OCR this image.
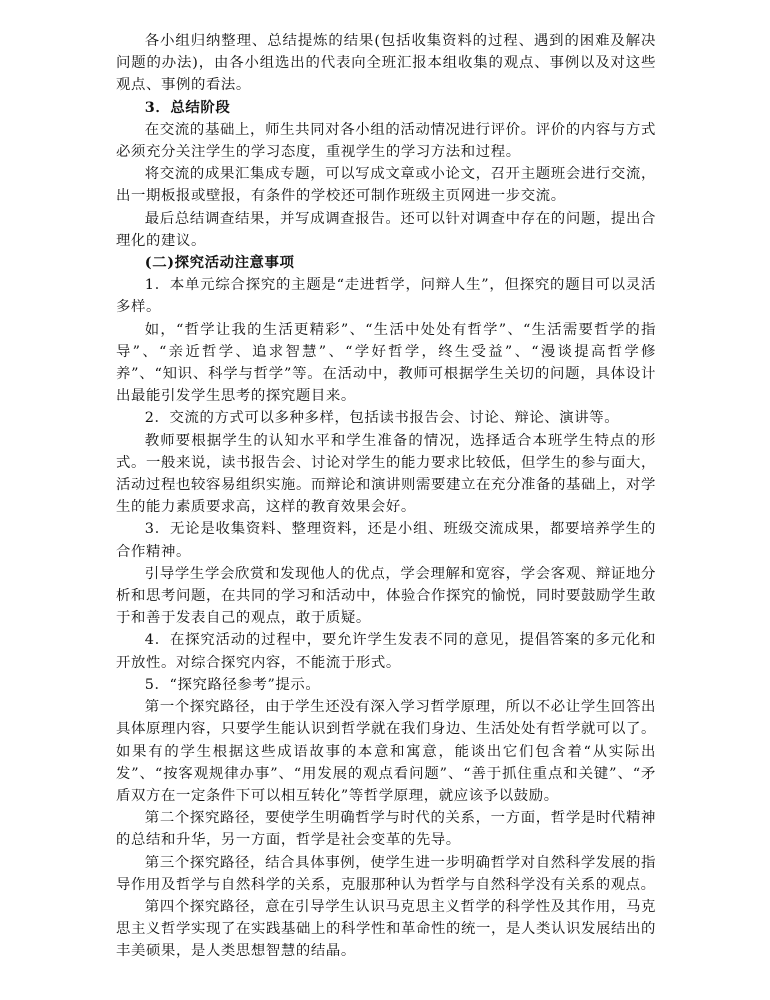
各小组归纳整理、总结提炼的结果(包括收集资料的过程、遇到的困难及解决问题的办法)，由各小组选出的代表向全班汇报本组收集的观点、事例以及对这些观点、事例的看法。

3．总结阶段

在交流的基础上，师生共同对各小组的活动情况进行评价。评价的内容与方式必须充分关注学生的学习态度，重视学生的学习方法和过程。

将交流的成果汇集成专题，可以写成文章或小论文，召开主题班会进行交流，出一期板报或壁报，有条件的学校还可制作班级主页网进一步交流。

最后总结调查结果，并写成调查报告。还可以针对调查中存在的问题，提出合理化的建议。

(二)探究活动注意事项

1．本单元综合探究的主题是“走进哲学，问辩人生”，但探究的题目可以灵活多样。

如，“哲学让我的生活更精彩”、“生活中处处有哲学”、“生活需要哲学的指导”、“亲近哲学、追求智慧”、“学好哲学，终生受益”、“漫谈提高哲学修养”、“知识、科学与哲学”等。在活动中，教师可根据学生关切的问题，具体设计出最能引发学生思考的探究题目来。

2．交流的方式可以多种多样，包括读书报告会、讨论、辩论、演讲等。

教师要根据学生的认知水平和学生准备的情况，选择适合本班学生特点的形式。一般来说，读书报告会、讨论对学生的能力要求比较低，但学生的参与面大，活动过程也较容易组织实施。而辩论和演讲则需要建立在充分准备的基础上，对学生的能力素质要求高，这样的教育效果会好。

3．无论是收集资料、整理资料，还是小组、班级交流成果，都要培养学生的合作精神。

引导学生学会欣赏和发现他人的优点，学会理解和宽容，学会客观、辩证地分析和思考问题，在共同的学习和活动中，体验合作探究的愉悦，同时要鼓励学生敢于和善于发表自己的观点，敢于质疑。

4．在探究活动的过程中，要允许学生发表不同的意见，提倡答案的多元化和开放性。对综合探究内容，不能流于形式。

5．“探究路径参考”提示。

第一个探究路径，由于学生还没有深入学习哲学原理，所以不必让学生回答出具体原理内容，只要学生能认识到哲学就在我们身边、生活处处有哲学就可以了。如果有的学生根据这些成语故事的本意和寓意，能谈出它们包含着“从实际出发”、“按客观规律办事”、“用发展的观点看问题”、“善于抓住重点和关键”、“矛盾双方在一定条件下可以相互转化”等哲学原理，就应该予以鼓励。

第二个探究路径，要使学生明确哲学与时代的关系，一方面，哲学是时代精神的总结和升华，另一方面，哲学是社会变革的先导。

第三个探究路径，结合具体事例，使学生进一步明确哲学对自然科学发展的指导作用及哲学与自然科学的关系，克服那种认为哲学与自然科学没有关系的观点。

第四个探究路径，意在引导学生认识马克思主义哲学的科学性及其作用，马克思主义哲学实现了在实践基础上的科学性和革命性的统一，是人类认识发展结出的丰美硕果，是人类思想智慧的结晶。
